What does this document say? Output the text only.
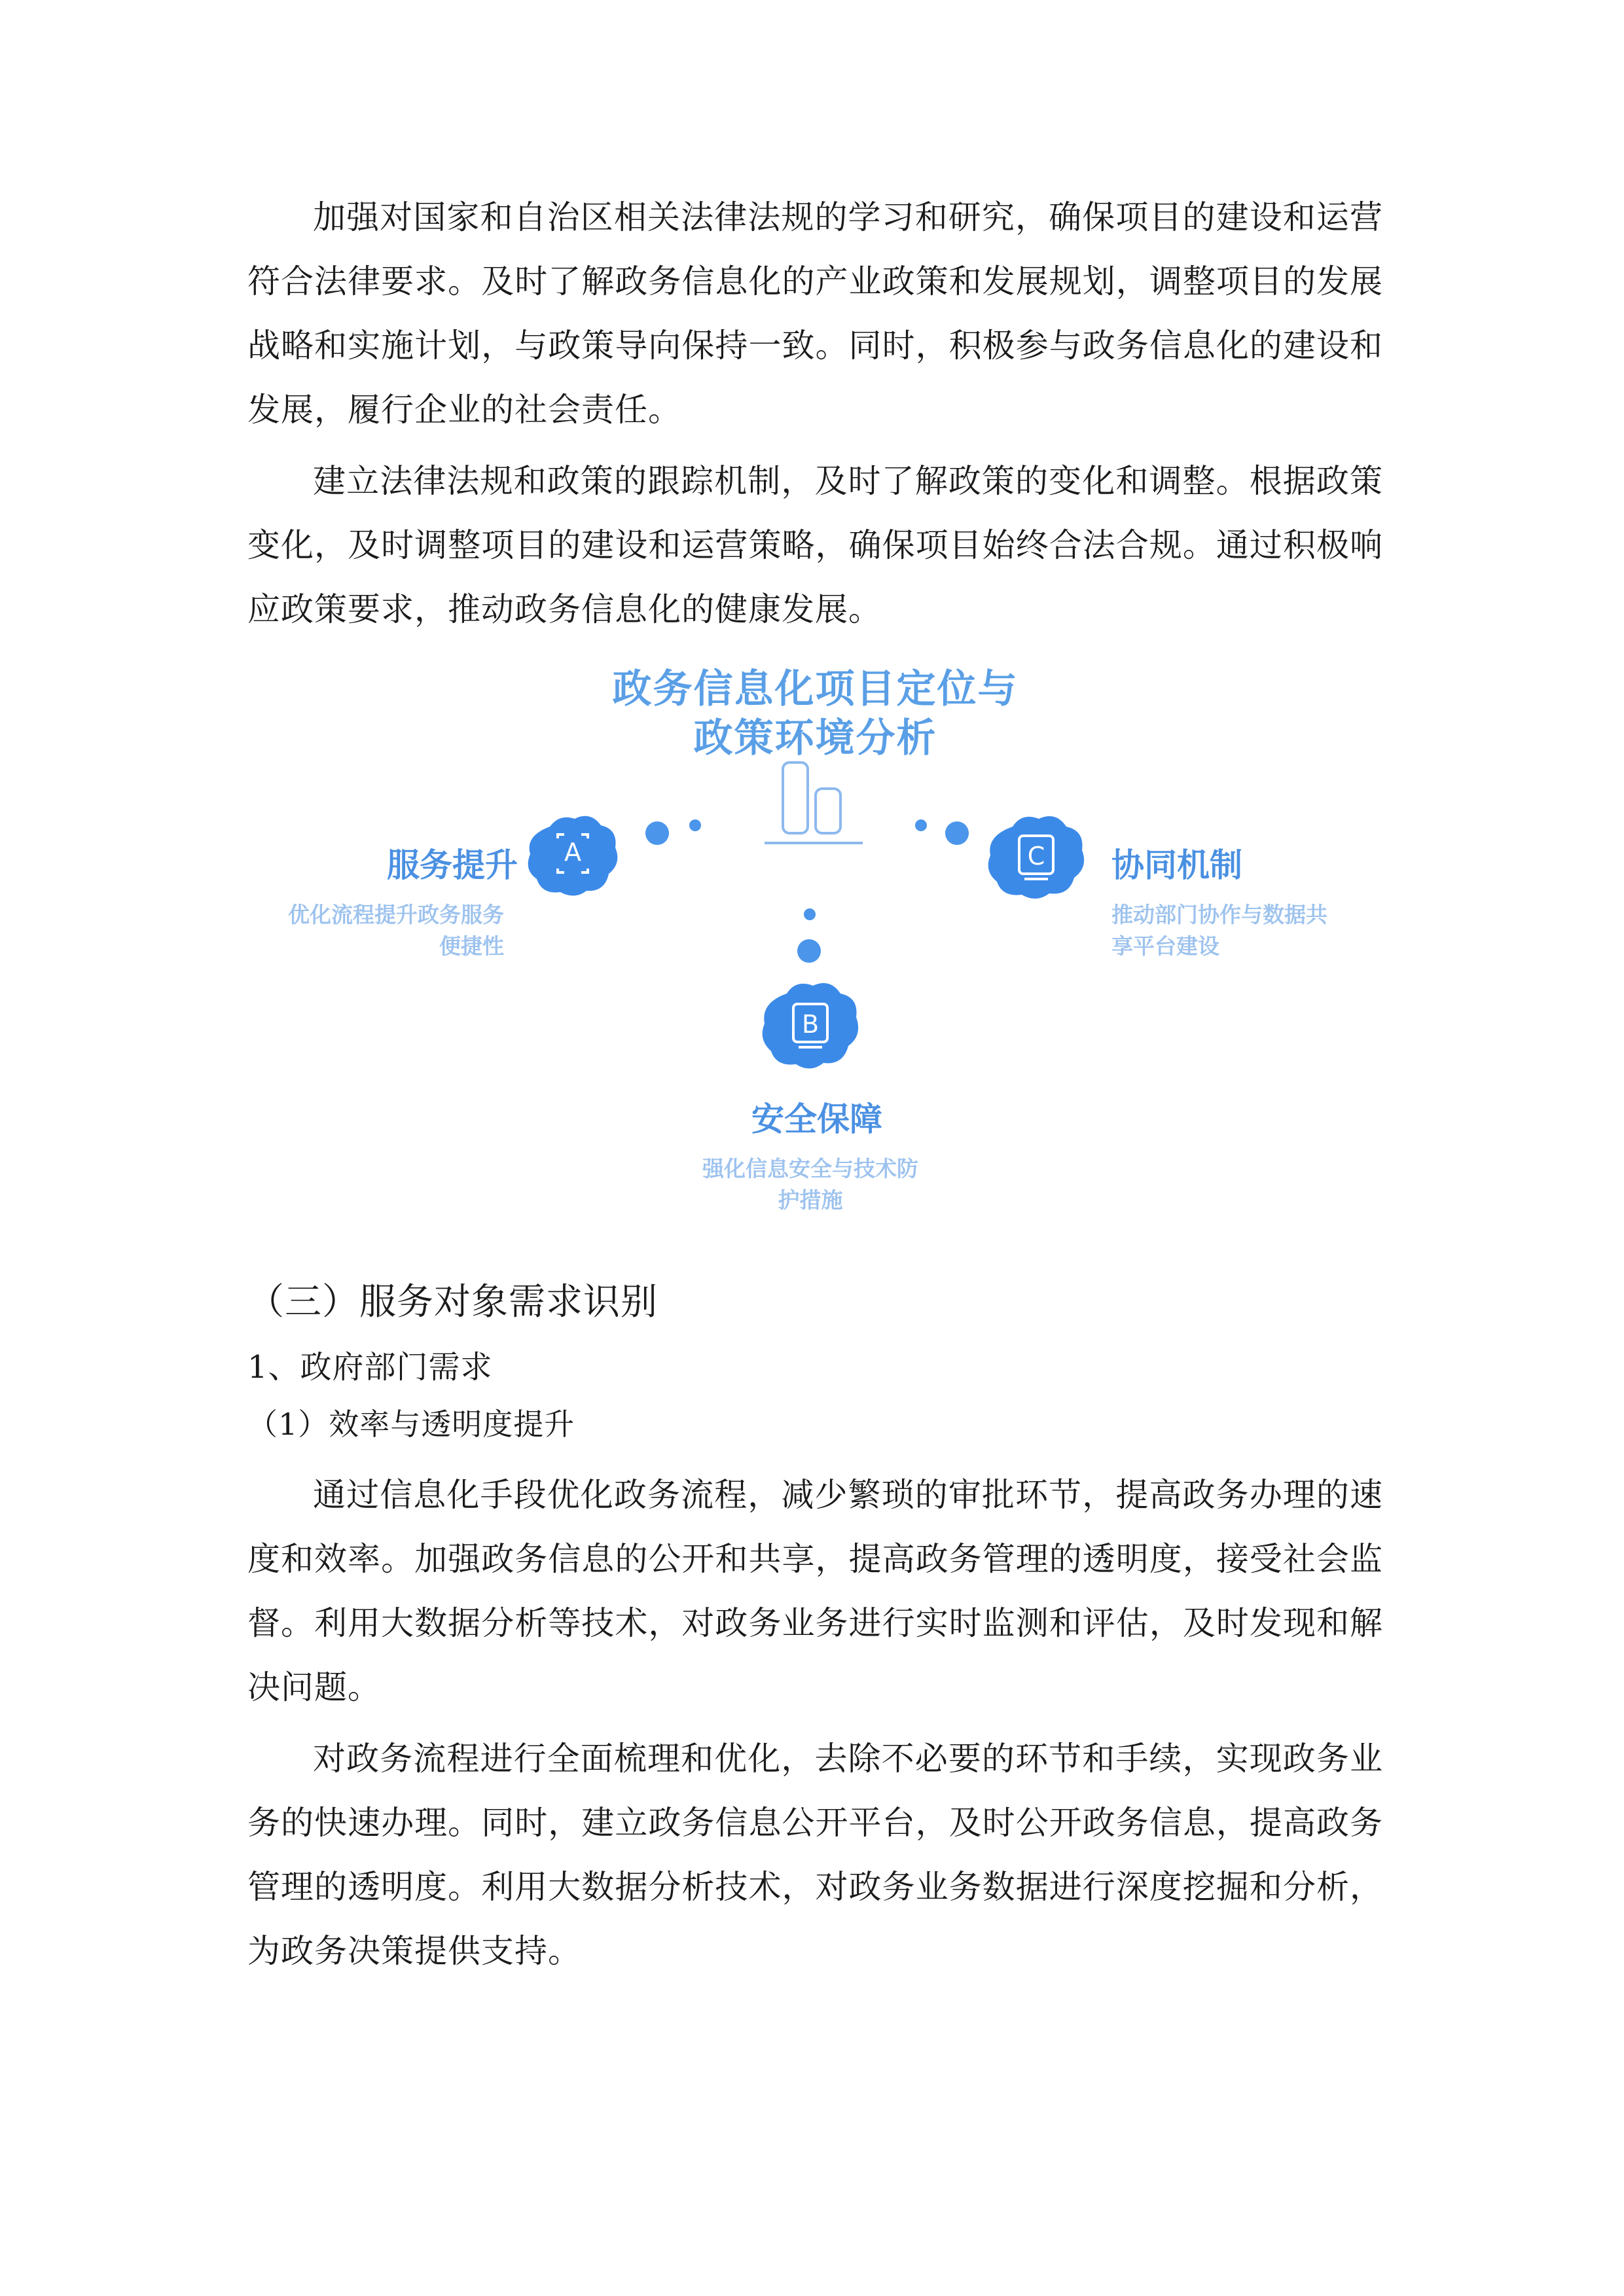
加强对国家和自治区相关法律法规的学习和研究，确保项目的建设和运营符合法律要求。及时了解政务信息化的产业政策和发展规划，调整项目的发展战略和实施计划，与政策导向保持一致。同时，积极参与政务信息化的建设和发展，履行企业的社会责任。

建立法律法规和政策的跟踪机制，及时了解政策的变化和调整。根据政策变化，及时调整项目的建设和运营策略，确保项目始终合法合规。通过积极响应政策要求，推动政务信息化的健康发展。

政务信息化项目定位与

政策环境分析

A
服务提升
优化流程提升政务服务
便捷性
C 协同机制
推动部门协作与数据共
享平台建设
B
安全保障
强化信息安全与技术防
护措施
（三）服务对象需求识别
1、政府部门需求
（1）效率与透明度提升

通过信息化手段优化政务流程，减少繁琐的审批环节，提高政务办理的速度和效率。加强政务信息的公开和共享，提高政务管理的透明度，接受社会监督。利用大数据分析等技术，对政务业务进行实时监测和评估，及时发现和解决问题。

对政务流程进行全面梳理和优化，去除不必要的环节和手续，实现政务业务的快速办理。同时，建立政务信息公开平台，及时公开政务信息，提高政务管理的透明度。利用大数据分析技术，对政务业务数据进行深度挖掘和分析，为政务决策提供支持。
